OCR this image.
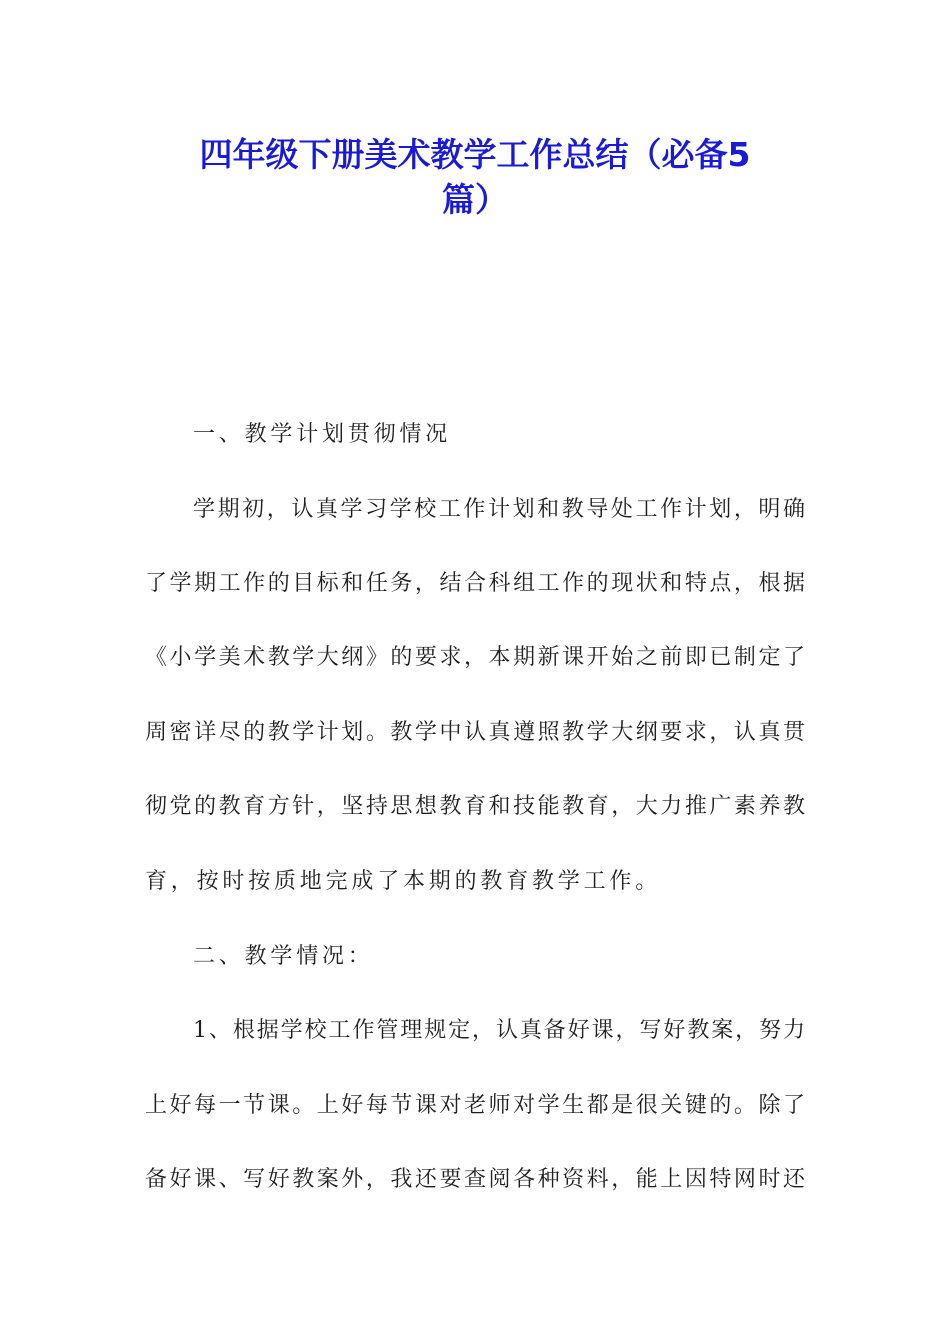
四年级下册美术教学工作总结（必备5
篇）
一、教学计划贯彻情况
学期初，认真学习学校工作计划和教导处工作计划，明确
了学期工作的目标和任务，结合科组工作的现状和特点，根据
《小学美术教学大纲》的要求，本期新课开始之前即已制定了
周密详尽的教学计划。教学中认真遵照教学大纲要求，认真贯
彻党的教育方针，坚持思想教育和技能教育，大力推广素养教
育，按时按质地完成了本期的教育教学工作。
二、教学情况：
1、根据学校工作管理规定，认真备好课，写好教案，努力
上好每一节课。上好每节课对老师对学生都是很关键的。除了
备好课、写好教案外，我还要查阅各种资料，能上因特网时还
